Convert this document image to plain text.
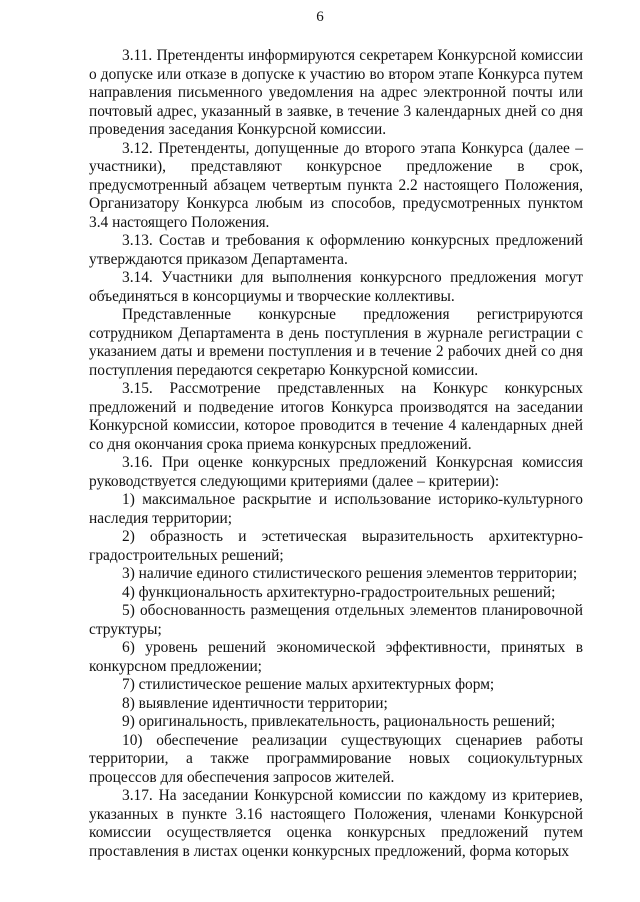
6

3.11. Претенденты информируются секретарем Конкурсной комиссии о допуске или отказе в допуске к участию во втором этапе Конкурса путем направления письменного уведомления на адрес электронной почты или почтовый адрес, указанный в заявке, в течение 3 календарных дней со дня проведения заседания Конкурсной комиссии.

3.12. Претенденты, допущенные до второго этапа Конкурса (далее – участники), представляют конкурсное предложение в срок, предусмотренный абзацем четвертым пункта 2.2 настоящего Положения, Организатору Конкурса любым из способов, предусмотренных пунктом 3.4 настоящего Положения.

3.13. Состав и требования к оформлению конкурсных предложений утверждаются приказом Департамента.

3.14. Участники для выполнения конкурсного предложения могут объединяться в консорциумы и творческие коллективы.

Представленные конкурсные предложения регистрируются сотрудником Департамента в день поступления в журнале регистрации с указанием даты и времени поступления и в течение 2 рабочих дней со дня поступления передаются секретарю Конкурсной комиссии.

3.15. Рассмотрение представленных на Конкурс конкурсных предложений и подведение итогов Конкурса производятся на заседании Конкурсной комиссии, которое проводится в течение 4 календарных дней со дня окончания срока приема конкурсных предложений.

3.16. При оценке конкурсных предложений Конкурсная комиссия руководствуется следующими критериями (далее – критерии):

1) максимальное раскрытие и использование историко-культурного наследия территории;

2) образность и эстетическая выразительность архитектурно-градостроительных решений;

3) наличие единого стилистического решения элементов территории;

4) функциональность архитектурно-градостроительных решений;

5) обоснованность размещения отдельных элементов планировочной структуры;

6) уровень решений экономической эффективности, принятых в конкурсном предложении;

7) стилистическое решение малых архитектурных форм;

8) выявление идентичности территории;

9) оригинальность, привлекательность, рациональность решений;

10) обеспечение реализации существующих сценариев работы территории, а также программирование новых социокультурных процессов для обеспечения запросов жителей.

3.17. На заседании Конкурсной комиссии по каждому из критериев, указанных в пункте 3.16 настоящего Положения, членами Конкурсной комиссии осуществляется оценка конкурсных предложений путем проставления в листах оценки конкурсных предложений, форма которых
